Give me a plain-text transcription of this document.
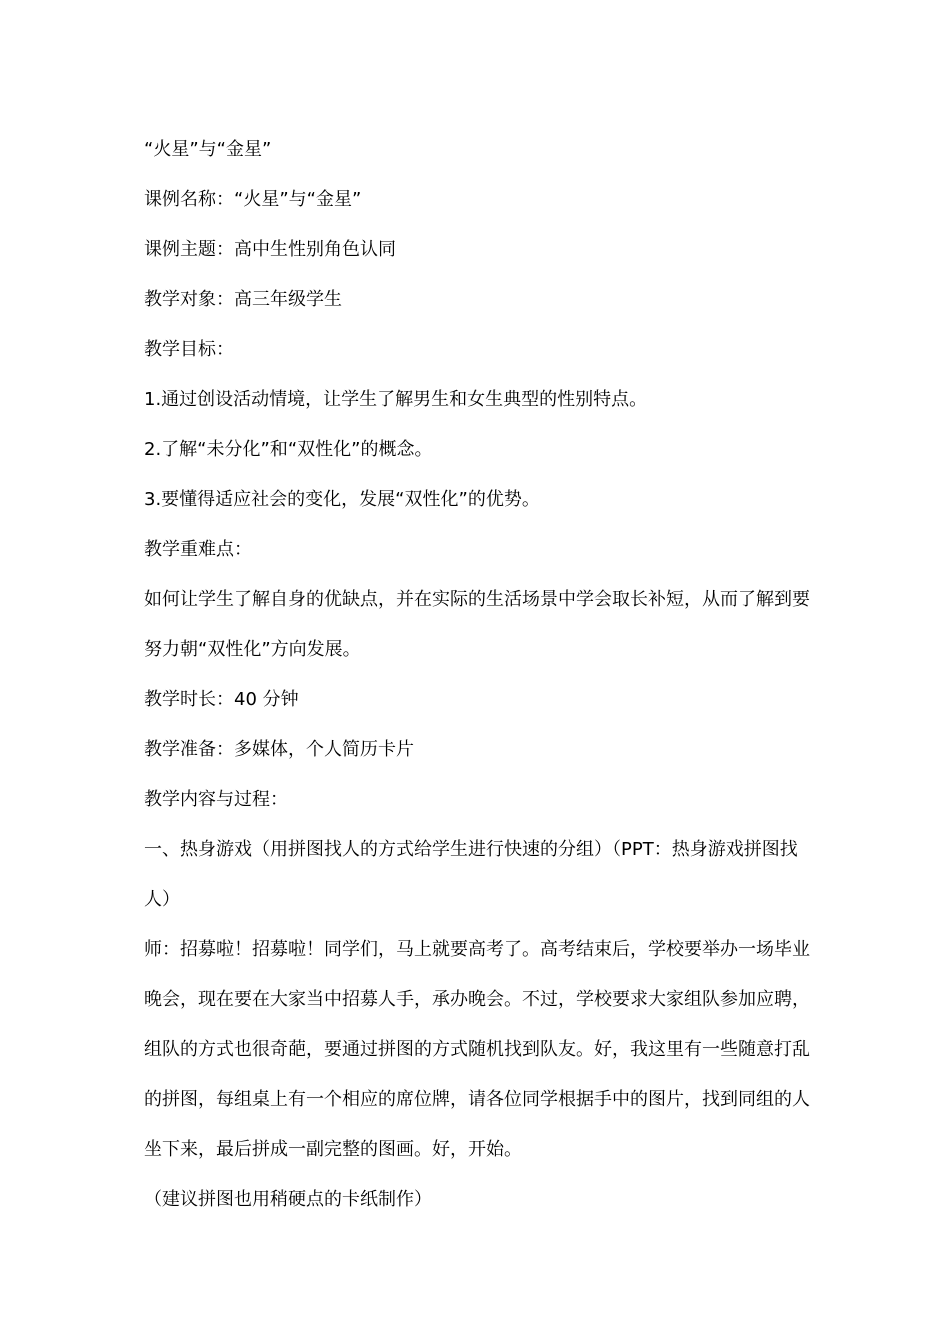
“火星”与“金星”

课例名称：“火星”与“金星”

课例主题：高中生性别角色认同

教学对象：高三年级学生

教学目标：

1.通过创设活动情境，让学生了解男生和女生典型的性别特点。

2.了解“未分化”和“双性化”的概念。

3.要懂得适应社会的变化，发展“双性化”的优势。

教学重难点：

如何让学生了解自身的优缺点，并在实际的生活场景中学会取长补短，从而了解到要努力朝“双性化”方向发展。

教学时长：40 分钟

教学准备：多媒体，个人简历卡片

教学内容与过程：

一、热身游戏（用拼图找人的方式给学生进行快速的分组）（PPT：热身游戏拼图找人）

师：招募啦！招募啦！同学们，马上就要高考了。高考结束后，学校要举办一场毕业晚会，现在要在大家当中招募人手，承办晚会。不过，学校要求大家组队参加应聘，组队的方式也很奇葩，要通过拼图的方式随机找到队友。好，我这里有一些随意打乱的拼图，每组桌上有一个相应的席位牌，请各位同学根据手中的图片，找到同组的人坐下来，最后拼成一副完整的图画。好，开始。

（建议拼图也用稍硬点的卡纸制作）
